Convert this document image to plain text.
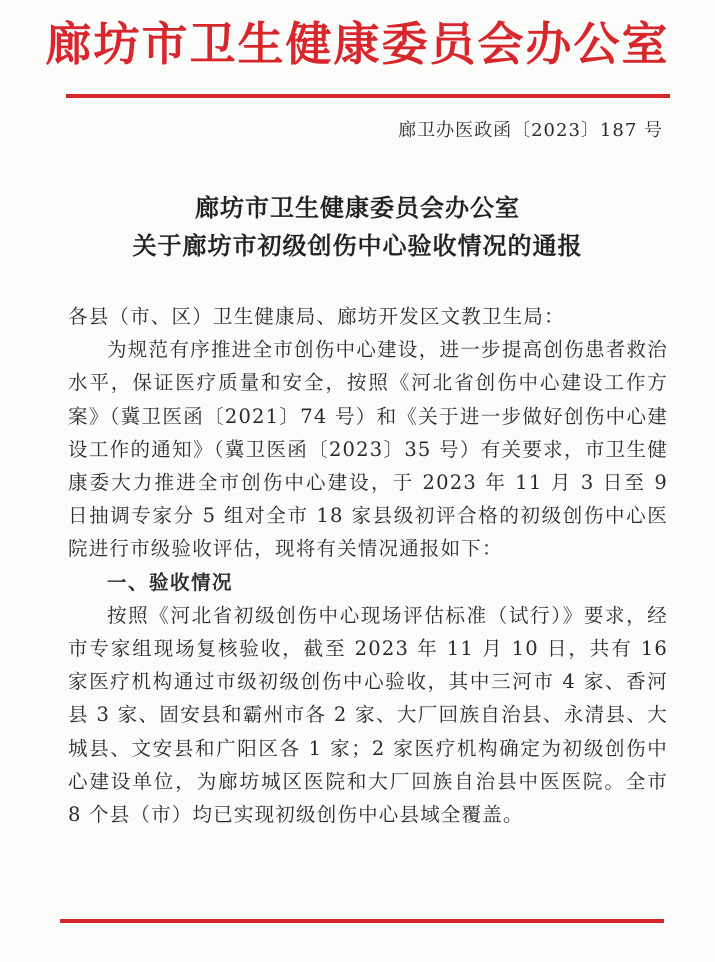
廊坊市卫生健康委员会办公室
廊卫办医政函〔2023〕187 号
廊坊市卫生健康委员会办公室
关于廊坊市初级创伤中心验收情况的通报
各县（市、区）卫生健康局、廊坊开发区文教卫生局：

为规范有序推进全市创伤中心建设，进一步提高创伤患者救治水平，保证医疗质量和安全，按照《河北省创伤中心建设工作方案》（冀卫医函〔2021〕74 号）和《关于进一步做好创伤中心建设工作的通知》（冀卫医函〔2023〕35 号）有关要求，市卫生健康委大力推进全市创伤中心建设，于 2023 年 11 月 3 日至 9 日抽调专家分 5 组对全市 18 家县级初评合格的初级创伤中心医院进行市级验收评估，现将有关情况通报如下：

一、验收情况

按照《河北省初级创伤中心现场评估标准（试行）》要求，经市专家组现场复核验收，截至 2023 年 11 月 10 日，共有 16 家医疗机构通过市级初级创伤中心验收，其中三河市 4 家、香河县 3 家、固安县和霸州市各 2 家、大厂回族自治县、永清县、大城县、文安县和广阳区各 1 家；2 家医疗机构确定为初级创伤中心建设单位，为廊坊城区医院和大厂回族自治县中医医院。全市 8 个县（市）均已实现初级创伤中心县域全覆盖。
